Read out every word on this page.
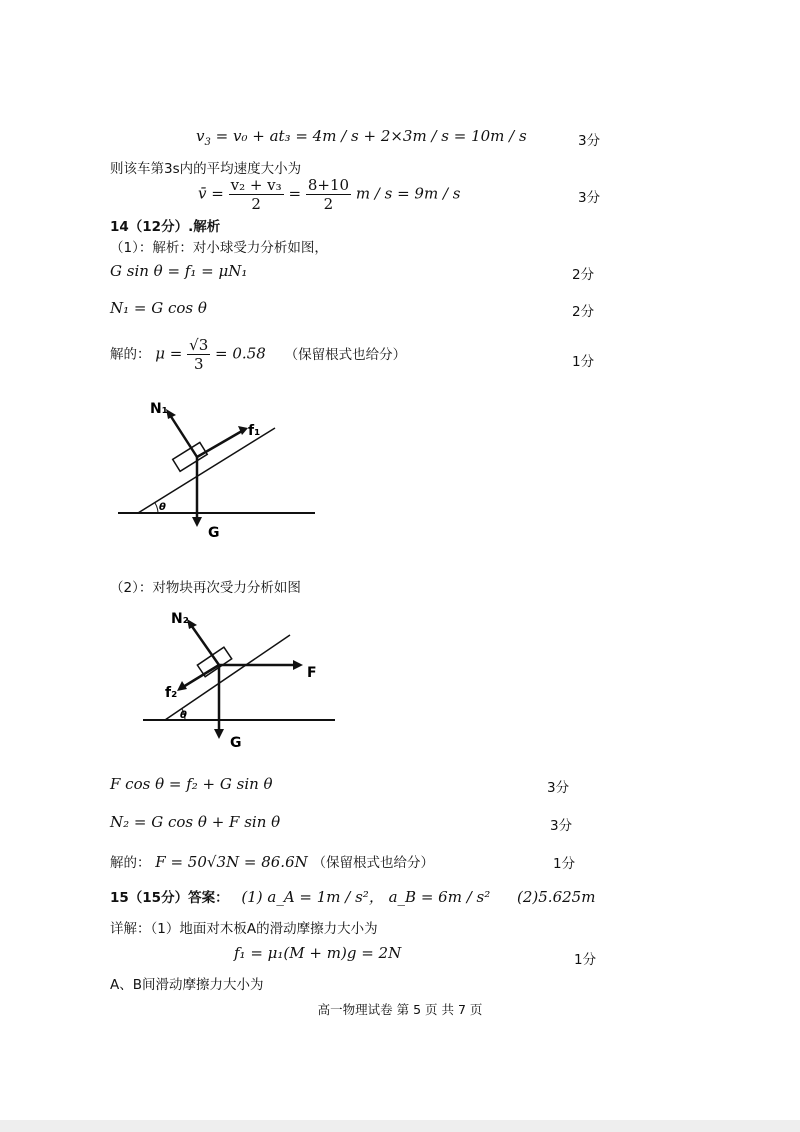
$v_3 = v_0 + at_3 = 4m / s + 2\times 3m / s = 10m / s$	3分
则该车第3s内的平均速度大小为
v̄ = $\frac{\text{v₂ + v₃}}{2} = \frac{8+10}{2}$ m / s = 9m / s	3分
14（12分）.解析
（1）：解析：对小球受力分析如图，
G sin θ = f₁ = μN₁	2分
N₁ = G cos θ	2分
解的： $\mu = \frac{√3}{3} = 0.58$ （保留根式也给分）	1分
θ
N₁
f₁
G
（2）：对物块再次受力分析如图
θ
N₂
F
f₂
G
F cos θ = f₂ + G sin θ	3分
N₂ = G cos θ + F sin θ	3分
解的： F = 50√3N = 86.6N （保留根式也给分）	1分
15（15分）答案： (1) a_A = 1m / s²， a_B = 6m / s² (2)5.625m
详解：（1）地面对木板A的滑动摩擦力大小为
f₁ = μ₁(M + m)g = 2N	1分
A、B间滑动摩擦力大小为
高一物理试卷 第 5 页 共 7 页
